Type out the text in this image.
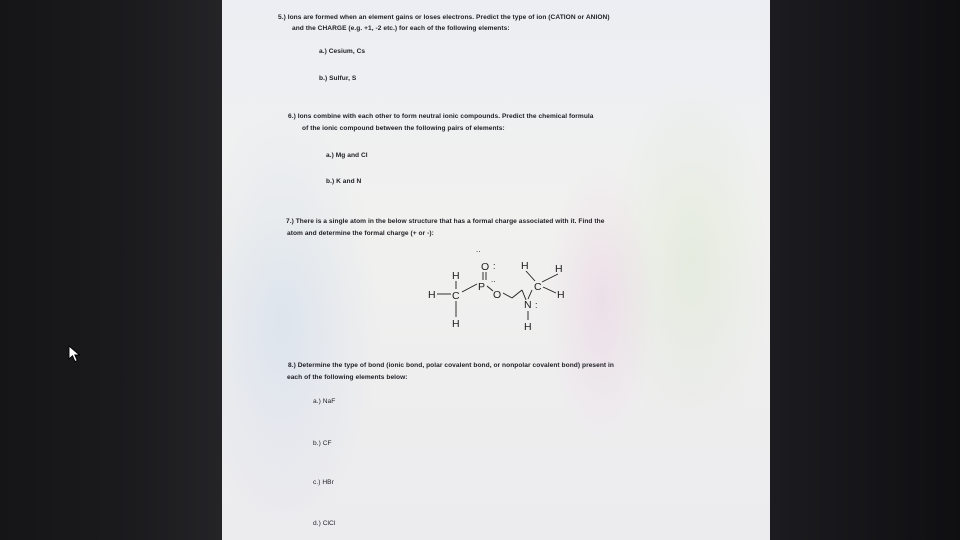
5.) Ions are formed when an element gains or loses electrons. Predict the type of ion (CATION or ANION)
and the CHARGE (e.g. +1, -2 etc.) for each of the following elements:
a.) Cesium, Cs
b.) Sulfur, S
6.) Ions combine with each other to form neutral ionic compounds. Predict the chemical formula
of the ionic compound between the following pairs of elements:
a.) Mg and Cl
b.) K and N
7.) There is a single atom in the below structure that has a formal charge associated with it. Find the
atom and determine the formal charge (+ or -):
..
O :
H
H	H
P
..
C
H C	O	H
N :
H	H
8.) Determine the type of bond (ionic bond, polar covalent bond, or nonpolar covalent bond) present in
each of the following elements below:
a.) NaF
b.) CF
c.) HBr
d.) ClCl
